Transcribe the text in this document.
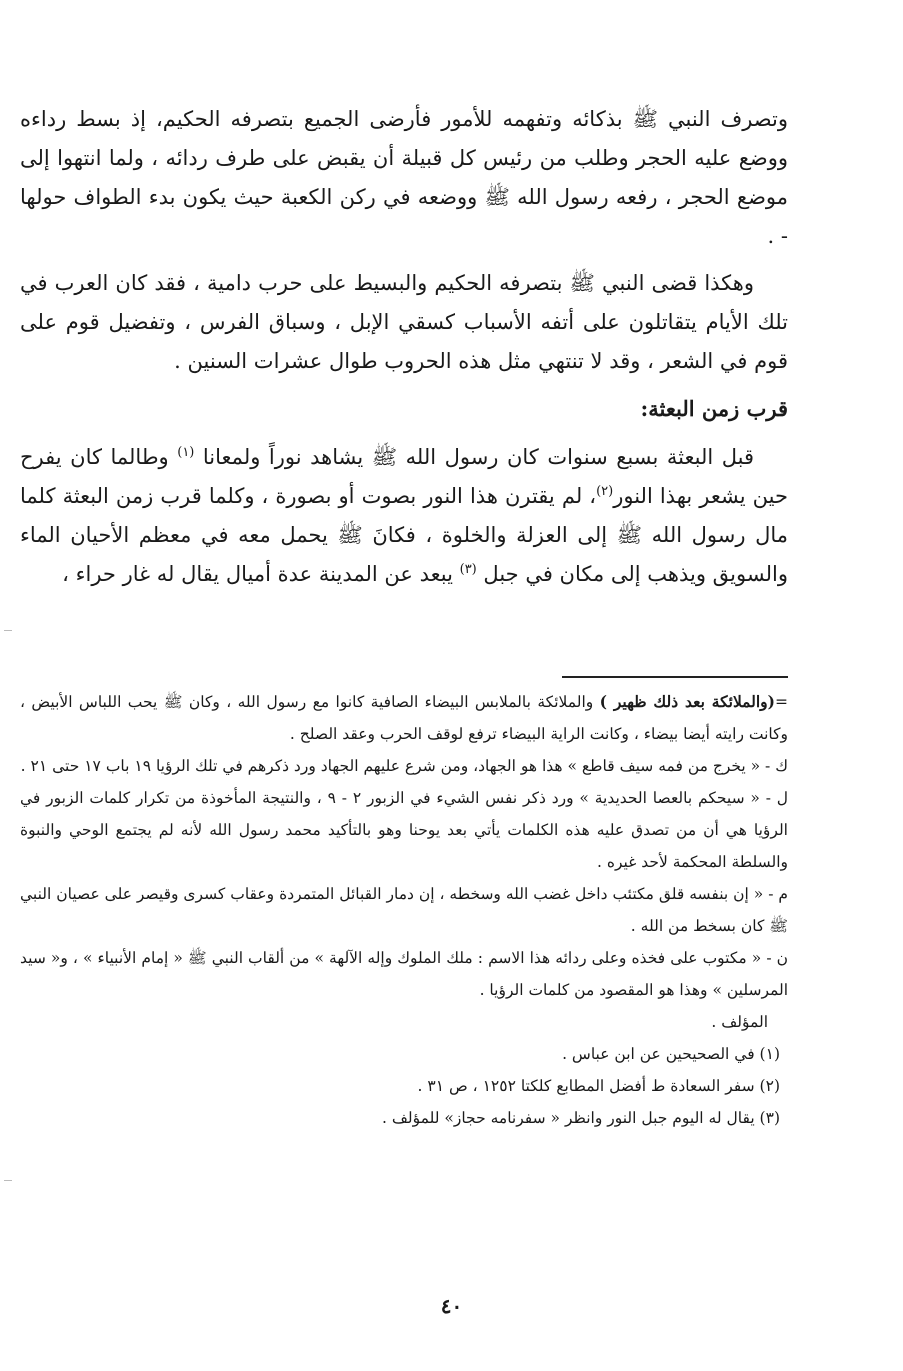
وتصرف النبي ﷺ بذكائه وتفهمه للأمور فأرضى الجميع بتصرفه الحكيم، إذ بسط رداءه ووضع عليه الحجر وطلب من رئيس كل قبيلة أن يقبض على طرف ردائه ، ولما انتهوا إلى موضع الحجر ، رفعه رسول الله ﷺ ووضعه في ركن الكعبة حيث يكون بدء الطواف حولها - .

وهكذا قضى النبي ﷺ بتصرفه الحكيم والبسيط على حرب دامية ، فقد كان العرب في تلك الأيام يتقاتلون على أتفه الأسباب كسقي الإبل ، وسباق الفرس ، وتفضيل قوم على قوم في الشعر ، وقد لا تنتهي مثل هذه الحروب طوال عشرات السنين .

قرب زمن البعثة:

قبل البعثة بسبع سنوات كان رسول الله ﷺ يشاهد نوراً ولمعانا $^{(١)}$ وطالما كان يفرح حين يشعر بهذا النور$^{(٢)}$، لم يقترن هذا النور بصوت أو بصورة ، وكلما قرب زمن البعثة كلما مال رسول الله ﷺ إلى العزلة والخلوة ، فكانَ ﷺ يحمل معه في معظم الأحيان الماء والسويق ويذهب إلى مكان في جبل $^{(٣)}$ يبعد عن المدينة عدة أميال يقال له غار حراء ،

=(والملائكة بعد ذلك ظهير ) والملائكة بالملابس البيضاء الصافية كانوا مع رسول الله ، وكان ﷺ يحب اللباس الأبيض ، وكانت رايته أيضا بيضاء ، وكانت الراية البيضاء ترفع لوقف الحرب وعقد الصلح .

ك - « يخرج من فمه سيف قاطع » هذا هو الجهاد، ومن شرع عليهم الجهاد ورد ذكرهم في تلك الرؤيا ١٩ باب ١٧ حتى ٢١ .

ل - « سيحكم بالعصا الحديدية » ورد ذكر نفس الشيء في الزبور ٢ - ٩ ، والنتيجة المأخوذة من تكرار كلمات الزبور في الرؤيا هي أن من تصدق عليه هذه الكلمات يأتي بعد يوحنا وهو بالتأكيد محمد رسول الله لأنه لم يجتمع الوحي والنبوة والسلطة المحكمة لأحد غيره .

م - « إن بنفسه قلق مكتئب داخل غضب الله وسخطه ، إن دمار القبائل المتمردة وعقاب كسرى وقيصر على عصيان النبي ﷺ كان بسخط من الله .

ن - « مكتوب على فخذه وعلى ردائه هذا الاسم : ملك الملوك وإله الآلهة » من ألقاب النبي ﷺ « إمام الأنبياء » ، و« سيد المرسلين » وهذا هو المقصود من كلمات الرؤيا .

المؤلف .

(١) في الصحيحين عن ابن عباس .

(٢) سفر السعادة ط أفضل المطابع كلكتا ١٢٥٢ ، ص ٣١ .

(٣) يقال له اليوم جبل النور وانظر « سفرنامه حجاز» للمؤلف .

٤٠
